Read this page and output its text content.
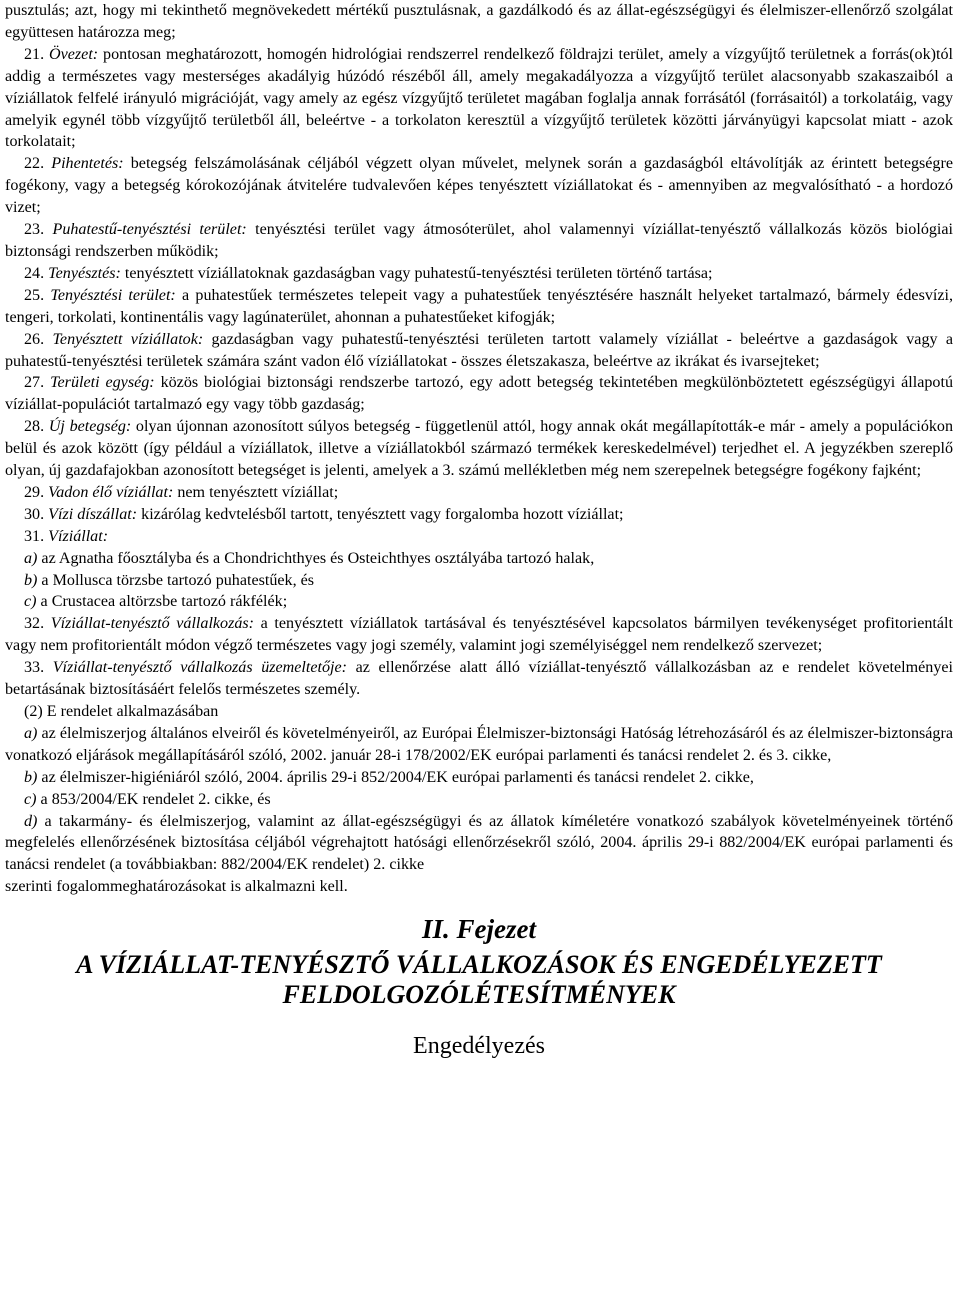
pusztulás; azt, hogy mi tekinthető megnövekedett mértékű pusztulásnak, a gazdálkodó és az állat-egészségügyi és élelmiszer-ellenőrző szolgálat együttesen határozza meg;

21. Övezet: pontosan meghatározott, homogén hidrológiai rendszerrel rendelkező földrajzi terület, amely a vízgyűjtő területnek a forrás(ok)tól addig a természetes vagy mesterséges akadályig húzódó részéből áll, amely megakadályozza a vízgyűjtő terület alacsonyabb szakaszaiból a víziállatok felfelé irányuló migrációját, vagy amely az egész vízgyűjtő területet magában foglalja annak forrásától (forrásaitól) a torkolatáig, vagy amelyik egynél több vízgyűjtő területből áll, beleértve - a torkolaton keresztül a vízgyűjtő területek közötti járványügyi kapcsolat miatt - azok torkolatait;

22. Pihentetés: betegség felszámolásának céljából végzett olyan művelet, melynek során a gazdaságból eltávolítják az érintett betegségre fogékony, vagy a betegség kórokozójának átvitelére tudvalevően képes tenyésztett víziállatokat és - amennyiben az megvalósítható - a hordozó vizet;

23. Puhatestű-tenyésztési terület: tenyésztési terület vagy átmosóterület, ahol valamennyi víziállat-tenyésztő vállalkozás közös biológiai biztonsági rendszerben működik;

24. Tenyésztés: tenyésztett víziállatoknak gazdaságban vagy puhatestű-tenyésztési területen történő tartása;

25. Tenyésztési terület: a puhatestűek természetes telepeit vagy a puhatestűek tenyésztésére használt helyeket tartalmazó, bármely édesvízi, tengeri, torkolati, kontinentális vagy lagúnaterület, ahonnan a puhatestűeket kifogják;

26. Tenyésztett víziállatok: gazdaságban vagy puhatestű-tenyésztési területen tartott valamely víziállat - beleértve a gazdaságok vagy a puhatestű-tenyésztési területek számára szánt vadon élő víziállatokat - összes életszakasza, beleértve az ikrákat és ivarsejteket;

27. Területi egység: közös biológiai biztonsági rendszerbe tartozó, egy adott betegség tekintetében megkülönböztetett egészségügyi állapotú víziállat-populációt tartalmazó egy vagy több gazdaság;

28. Új betegség: olyan újonnan azonosított súlyos betegség - függetlenül attól, hogy annak okát megállapították-e már - amely a populációkon belül és azok között (így például a víziállatok, illetve a víziállatokból származó termékek kereskedelmével) terjedhet el. A jegyzékben szereplő olyan, új gazdafajokban azonosított betegséget is jelenti, amelyek a 3. számú mellékletben még nem szerepelnek betegségre fogékony fajként;

29. Vadon élő víziállat: nem tenyésztett víziállat;

30. Vízi díszállat: kizárólag kedvtelésből tartott, tenyésztett vagy forgalomba hozott víziállat;

31. Víziállat:

a) az Agnatha főosztályba és a Chondrichthyes és Osteichthyes osztályába tartozó halak,

b) a Mollusca törzsbe tartozó puhatestűek, és

c) a Crustacea altörzsbe tartozó rákfélék;

32. Víziállat-tenyésztő vállalkozás: a tenyésztett víziállatok tartásával és tenyésztésével kapcsolatos bármilyen tevékenységet profitorientált vagy nem profitorientált módon végző természetes vagy jogi személy, valamint jogi személyiséggel nem rendelkező szervezet;

33. Víziállat-tenyésztő vállalkozás üzemeltetője: az ellenőrzése alatt álló víziállat-tenyésztő vállalkozásban az e rendelet követelményei betartásának biztosításáért felelős természetes személy.

(2) E rendelet alkalmazásában

a) az élelmiszerjog általános elveiről és követelményeiről, az Európai Élelmiszer-biztonsági Hatóság létrehozásáról és az élelmiszer-biztonságra vonatkozó eljárások megállapításáról szóló, 2002. január 28-i 178/2002/EK európai parlamenti és tanácsi rendelet 2. és 3. cikke,

b) az élelmiszer-higiéniáról szóló, 2004. április 29-i 852/2004/EK európai parlamenti és tanácsi rendelet 2. cikke,

c) a 853/2004/EK rendelet 2. cikke, és

d) a takarmány- és élelmiszerjog, valamint az állat-egészségügyi és az állatok kíméletére vonatkozó szabályok követelményeinek történő megfelelés ellenőrzésének biztosítása céljából végrehajtott hatósági ellenőrzésekről szóló, 2004. április 29-i 882/2004/EK európai parlamenti és tanácsi rendelet (a továbbiakban: 882/2004/EK rendelet) 2. cikke

szerinti fogalommeghatározásokat is alkalmazni kell.

II. Fejezet
A VÍZIÁLLAT-TENYÉSZTŐ VÁLLALKOZÁSOK ÉS ENGEDÉLYEZETT FELDOLGOZÓLÉTESÍTMÉNYEK
Engedélyezés
